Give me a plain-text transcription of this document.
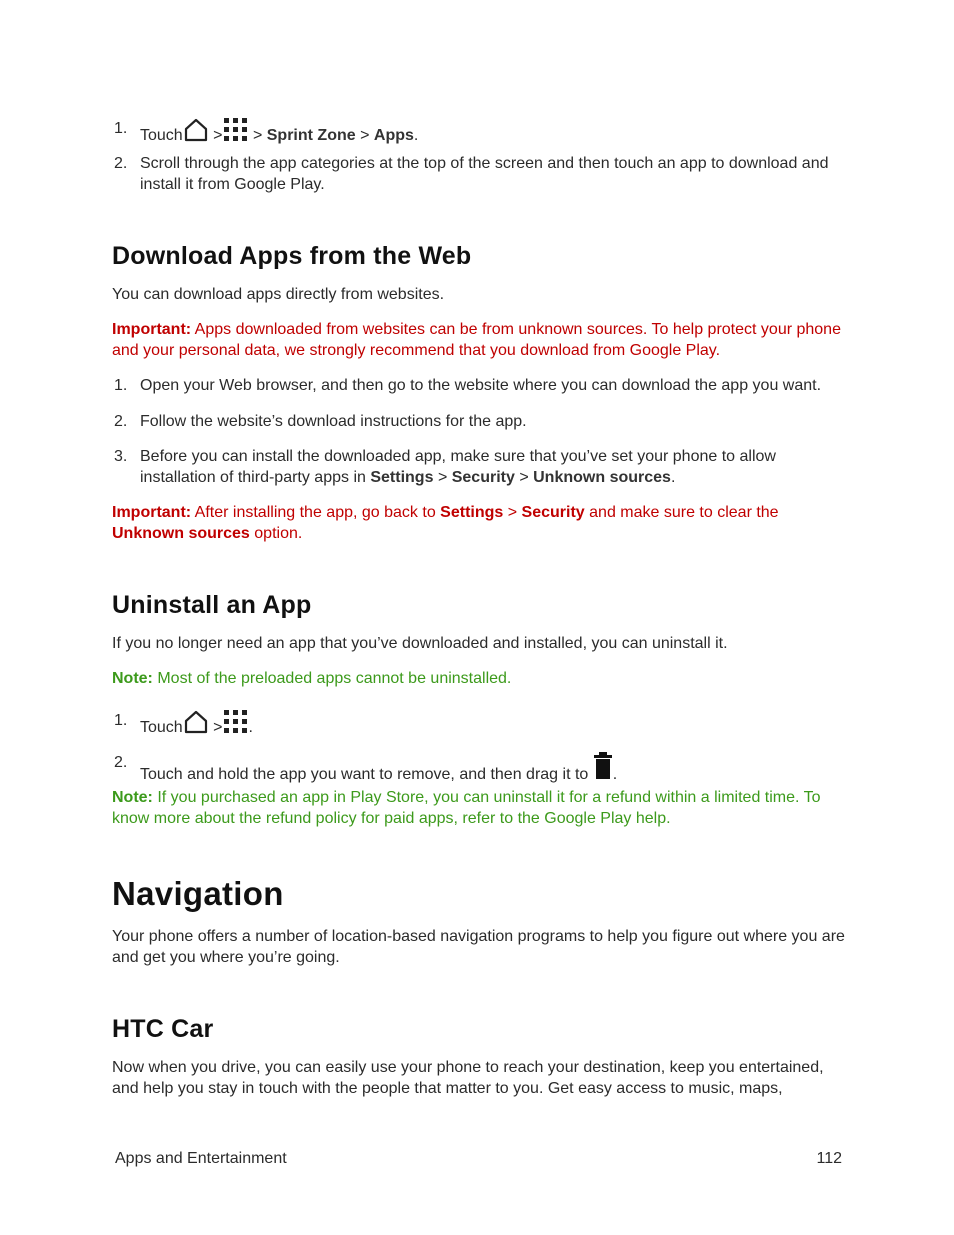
1. Touch > > Sprint Zone > Apps.
2. Scroll through the app categories at the top of the screen and then touch an app to download and install it from Google Play.
Download Apps from the Web
You can download apps directly from websites.
Important: Apps downloaded from websites can be from unknown sources. To help protect your phone and your personal data, we strongly recommend that you download from Google Play.
1. Open your Web browser, and then go to the website where you can download the app you want.
2. Follow the website’s download instructions for the app.
3. Before you can install the downloaded app, make sure that you’ve set your phone to allow installation of third-party apps in Settings > Security > Unknown sources.
Important: After installing the app, go back to Settings > Security and make sure to clear the Unknown sources option.
Uninstall an App
If you no longer need an app that you’ve downloaded and installed, you can uninstall it.
Note: Most of the preloaded apps cannot be uninstalled.
1. Touch > .
2.
Touch and hold the app you want to remove, and then drag it to .
Note: If you purchased an app in Play Store, you can uninstall it for a refund within a limited time. To know more about the refund policy for paid apps, refer to the Google Play help.
Navigation
Your phone offers a number of location-based navigation programs to help you figure out where you are and get you where you’re going.
HTC Car
Now when you drive, you can easily use your phone to reach your destination, keep you entertained, and help you stay in touch with the people that matter to you. Get easy access to music, maps,
Apps and Entertainment	112
